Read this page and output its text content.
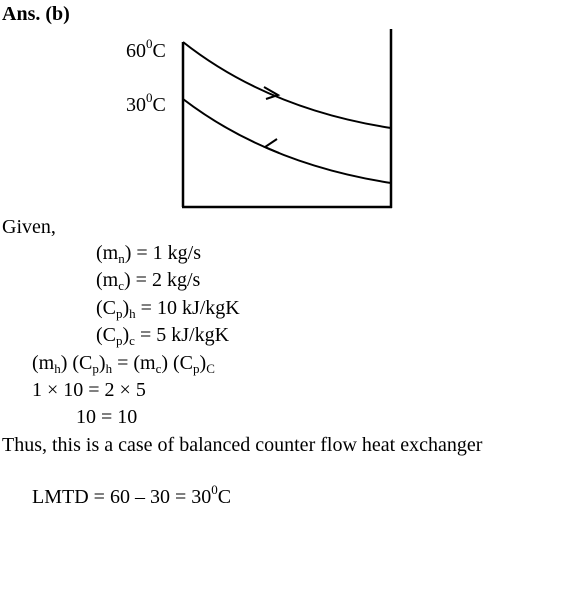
Ans. (b)
$60^0C$
$30^0C$
Given,
$(m_n) = 1$ kg/s
$(m_c) = 2$ kg/s
$(C_p)_h = 10$ kJ/kgK
$(C_p)_c = 5$ kJ/kgK
$(m_h) (C_p)_h = (m_c)$ $(C_p)_C$
1 × 10 = 2 × 5
10 = 10
Thus, this is a case of balanced counter flow heat exchanger
LMTD = $60 - 30 = 30^0C$
